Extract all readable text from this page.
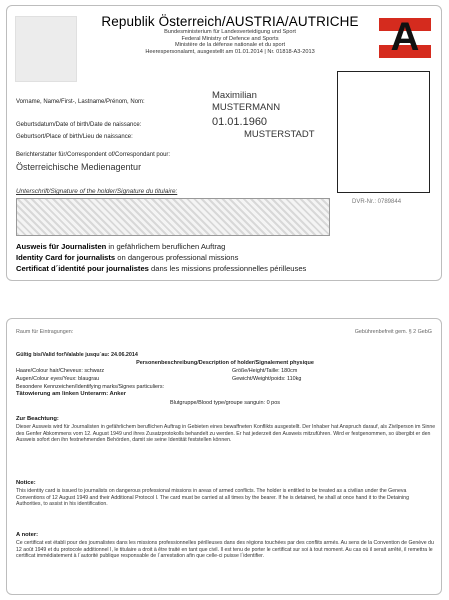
Republik Österreich/AUSTRIA/AUTRICHE
Bundesministerium für Landesverteidigung und Sport
Federal Ministry of Defence and Sports
Ministère de la défense nationale et du sport
Heerespersonalamt, ausgestellt am 01.01.2014 | Nr. 01818-A3-2013	A
Vorname, Name/First-, Lastname/Prénom, Nom:
Maximilian
MUSTERMANN
Geburtsdatum/Date of birth/Date de naissance:	01.01.1960
Geburtsort/Place of birth/Lieu de naissance:	MUSTERSTADT
Berichterstatter für/Correspondent of/Correspondant pour:
Österreichische Medienagentur
DVR-Nr.: 0789844
Unterschrift/Signature of the holder/Signature du titulaire:
Ausweis für Journalisten in gefährlichem beruflichen Auftrag
Identity Card for journalists on dangerous professional missions
Certificat d´identité pour journalistes dans les missions professionnelles périlleuses
Raum für Eintragungen:	Gebührenbefreit gem. § 2 GebG
Gültig bis/Valid for/Valable jusqu´au: 24.06.2014
Personenbeschreibung/Description of holder/Signalement physique
Haare/Colour hair/Cheveux: schwarz	Größe/Height/Taille: 180cm
Augen/Colour eyes/Yeux: blaugrau	Gewicht/Weight/poids: 110kg
Besondere Kennzeichen/Identifying marks/Signes particuliers:
Tätowierung am linken Unterarm: Anker
Blutgruppe/Blood type/groupe sanguin: 0 pos
Zur Beachtung:
Dieser Ausweis wird für Journalisten in gefährlichem beruflichen Auftrag in Gebieten eines bewaffneten Konflikts ausgestellt. Der Inhaber hat Anspruch darauf, als Zivilperson im Sinne des Genfer Abkommens vom 12. August 1949 und ihres Zusatzprotokolls behandelt zu werden. Er hat jederzeit den Ausweis mitzuführen. Wird er festgenommen, so übergibt er den Ausweis sofort den ihn festnehmenden Behörden, damit sie seine Identität feststellen können.
Notice:
This identity card is issued to journalists on dangerous professional missions in areas of armed conflicts. The holder is entitled to be treated as a civilian under the Geneva Conventions of 12 August 1949 and their Additional Protocol I. The card must be carried at all times by the bearer. If he is detained, he shall at once hand it to the Detaining Authorities, to assist in his identification.
A noter:
Ce certificat est établi pour des journalistes dans les missions professionnelles périlleuses dans des régions touchées par des conflits armés. Au sens de la Convention de Genève du 12 août 1949 et du protocole additionnel I, le titulaire a droit à être traité en tant que civil. Il est tenu de porter le certificat sur soi à tout moment. Au cas où il serait arrêté, il remettra le certificat immédiatement à l´autorité publique responsable de l´arrestation afin que celle-ci puisse l´identifier.
